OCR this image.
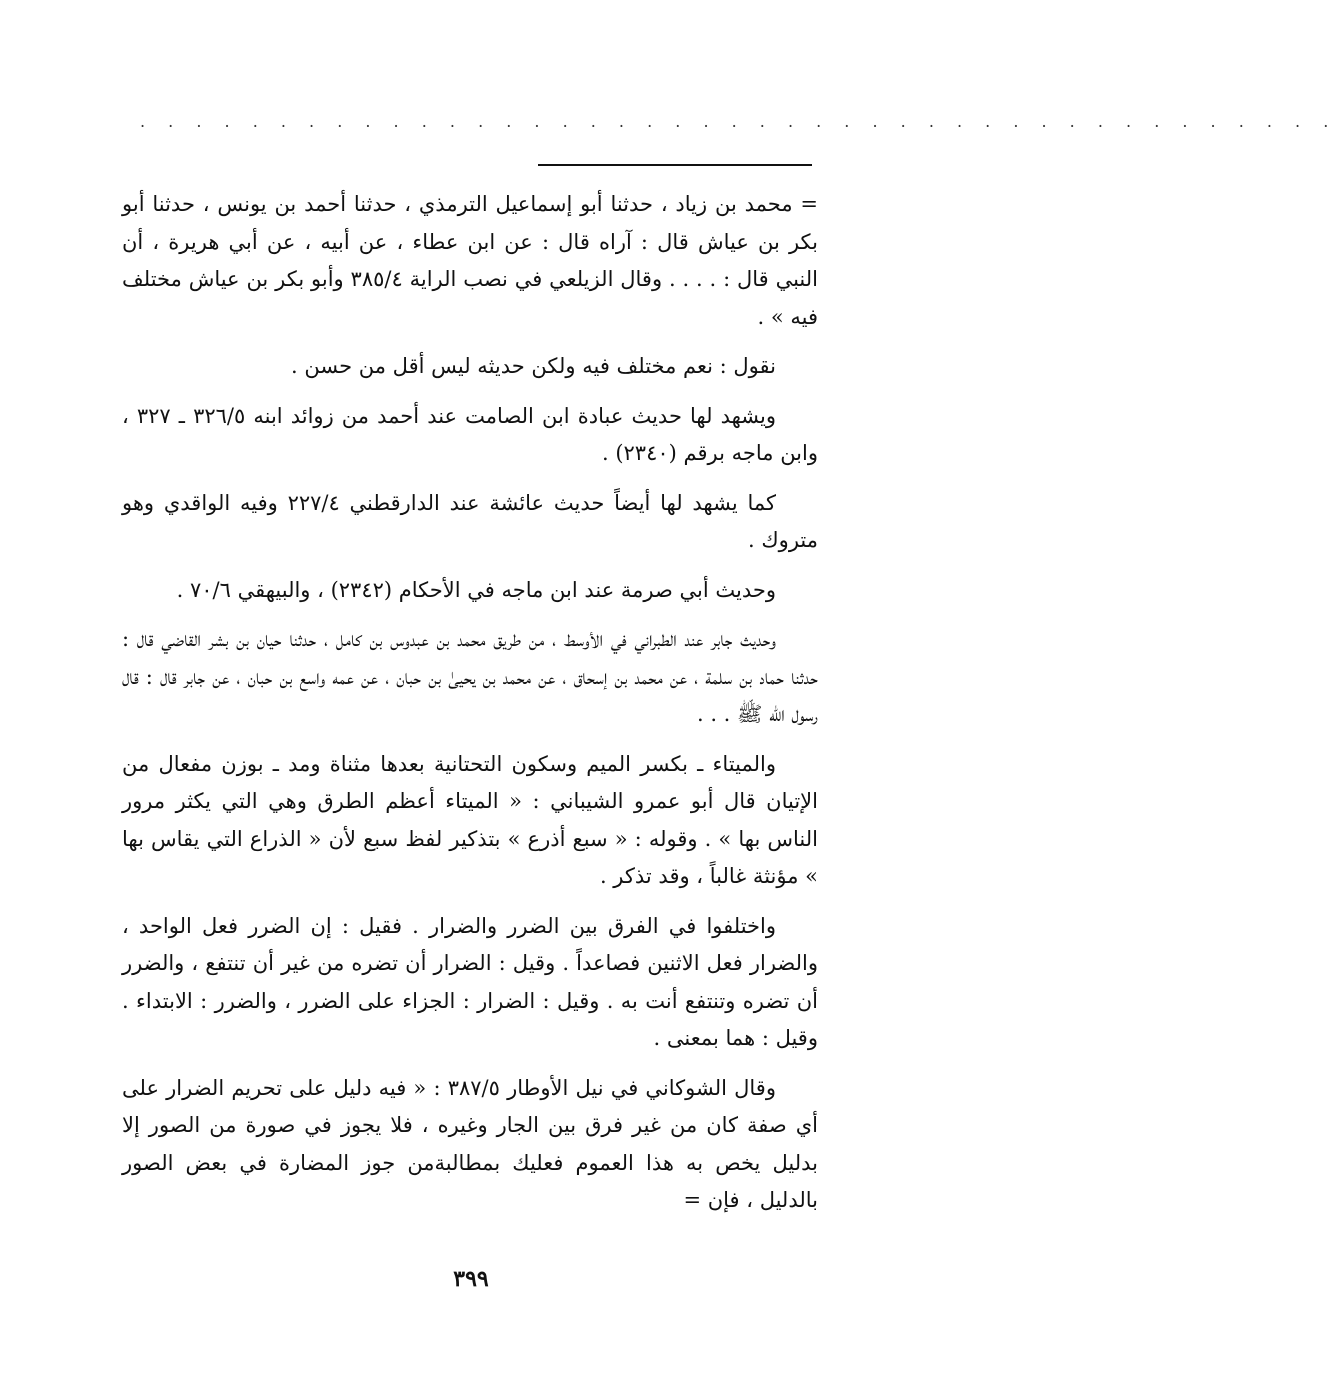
. . . . . . . . . . . . . . . . . . . . . . . . . . . . . . . . . . . . . . . . . . .

= محمد بن زياد ، حدثنا أبو إسماعيل الترمذي ، حدثنا أحمد بن يونس ، حدثنا أبو بكر بن عياش قال : آراه قال : عن ابن عطاء ، عن أبيه ، عن أبي هريرة ، أن النبي قال : . . . . وقال الزيلعي في نصب الراية ٣٨٥/٤ وأبو بكر بن عياش مختلف فيه » .

نقول : نعم مختلف فيه ولكن حديثه ليس أقل من حسن .

ويشهد لها حديث عبادة ابن الصامت عند أحمد من زوائد ابنه ٣٢٦/٥ ـ ٣٢٧ ، وابن ماجه برقم (٢٣٤٠) .

كما يشهد لها أيضاً حديث عائشة عند الدارقطني ٢٢٧/٤ وفيه الواقدي وهو متروك .

وحديث أبي صرمة عند ابن ماجه في الأحكام (٢٣٤٢) ، والبيهقي ٧٠/٦ .

وحديث جابر عند الطبراني في الأوسط ، من طريق محمد بن عبدوس بن كامل ، حدثنا حيان بن بشر القاضي قال : حدثنا حماد بن سلمة ، عن محمد بن إسحاق ، عن محمد بن يحيىٰ بن حبان ، عن عمه واسع بن حبان ، عن جابر قال : قال رسول الله ﷺ . . .

والميتاء ـ بكسر الميم وسكون التحتانية بعدها مثناة ومد ـ بوزن مفعال من الإتيان قال أبو عمرو الشيباني : « الميتاء أعظم الطرق وهي التي يكثر مرور الناس بها » . وقوله : « سبع أذرع » بتذكير لفظ سبع لأن « الذراع التي يقاس بها » مؤنثة غالباً ، وقد تذكر .

واختلفوا في الفرق بين الضرر والضرار . فقيل : إن الضرر فعل الواحد ، والضرار فعل الاثنين فصاعداً . وقيل : الضرار أن تضره من غير أن تنتفع ، والضرر أن تضره وتنتفع أنت به . وقيل : الضرار : الجزاء على الضرر ، والضرر : الابتداء . وقيل : هما بمعنى .

وقال الشوكاني في نيل الأوطار ٣٨٧/٥ : « فيه دليل على تحريم الضرار على أي صفة كان من غير فرق بين الجار وغيره ، فلا يجوز في صورة من الصور إلا بدليل يخص به هذا العموم فعليك بمطالبةمن جوز المضارة في بعض الصور بالدليل ، فإن =

٣٩٩
